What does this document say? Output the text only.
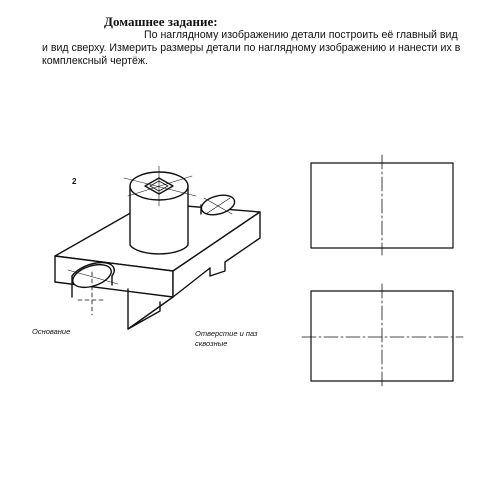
Домашнее задание:
По наглядному изображению детали построить её главный вид и вид сверху. Измерить размеры детали по наглядному изображению и нанести их в комплексный чертёж.
2
Основание	Отверстие и паз
сквозные
